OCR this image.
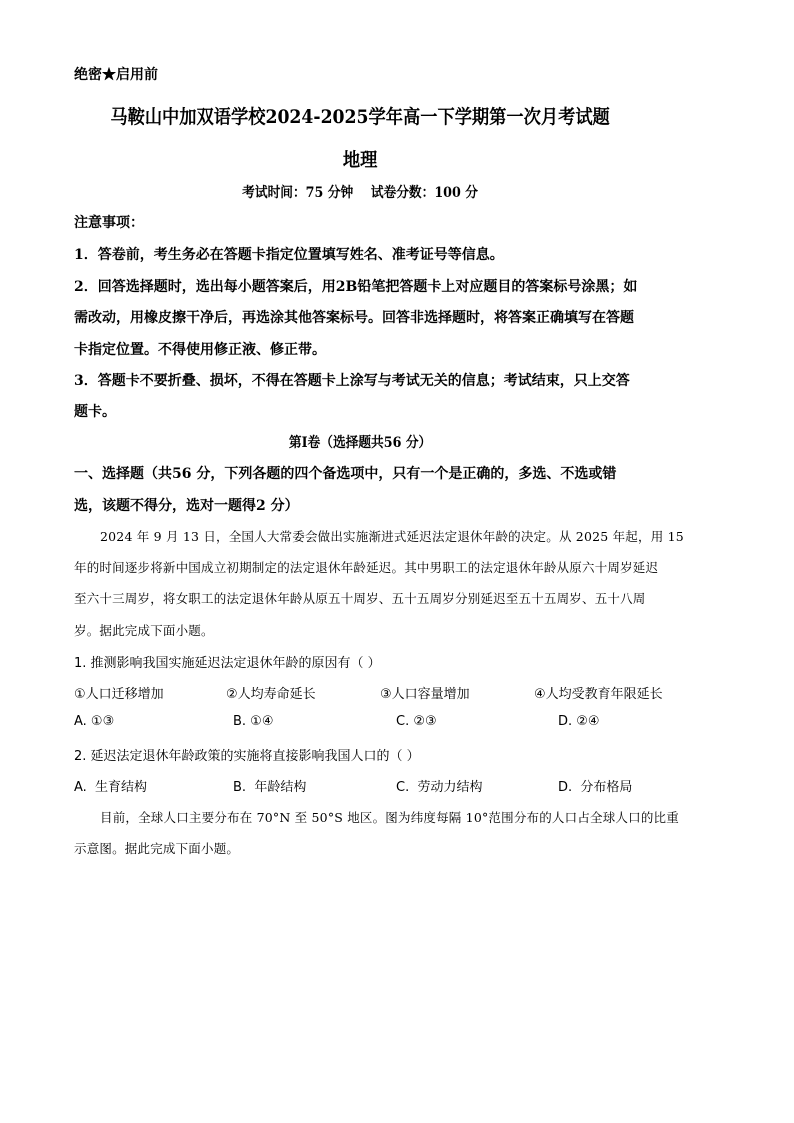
绝密★启用前
马鞍山中加双语学校2024-2025学年高一下学期第一次月考试题
地理
考试时间：75 分钟    试卷分数：100 分
注意事项：
1．答卷前，考生务必在答题卡指定位置填写姓名、准考证号等信息。
2．回答选择题时，选出每小题答案后，用2B铅笔把答题卡上对应题目的答案标号涂黑；如
需改动，用橡皮擦干净后，再选涂其他答案标号。回答非选择题时，将答案正确填写在答题
卡指定位置。不得使用修正液、修正带。
3．答题卡不要折叠、损坏，不得在答题卡上涂写与考试无关的信息；考试结束，只上交答
题卡。
第Ⅰ卷（选择题共56 分）
一、选择题（共56 分，下列各题的四个备选项中，只有一个是正确的，多选、不选或错
选，该题不得分，选对一题得2 分）
2024 年 9 月 13 日，全国人大常委会做出实施渐进式延迟法定退休年龄的决定。从 2025 年起，用 15
年的时间逐步将新中国成立初期制定的法定退休年龄延迟。其中男职工的法定退休年龄从原六十周岁延迟
至六十三周岁，将女职工的法定退休年龄从原五十周岁、五十五周岁分别延迟至五十五周岁、五十八周
岁。据此完成下面小题。
1. 推测影响我国实施延迟法定退休年龄的原因有（ ）
①人口迁移增加	②人均寿命延长	③人口容量增加	④人均受教育年限延长
A. ①③	B. ①④	C. ②③	D. ②④
2. 延迟法定退休年龄政策的实施将直接影响我国人口的（ ）
A.  生育结构	B.  年龄结构	C.  劳动力结构	D.  分布格局
目前，全球人口主要分布在 70°N 至 50°S 地区。图为纬度每隔 10°范围分布的人口占全球人口的比重
示意图。据此完成下面小题。
